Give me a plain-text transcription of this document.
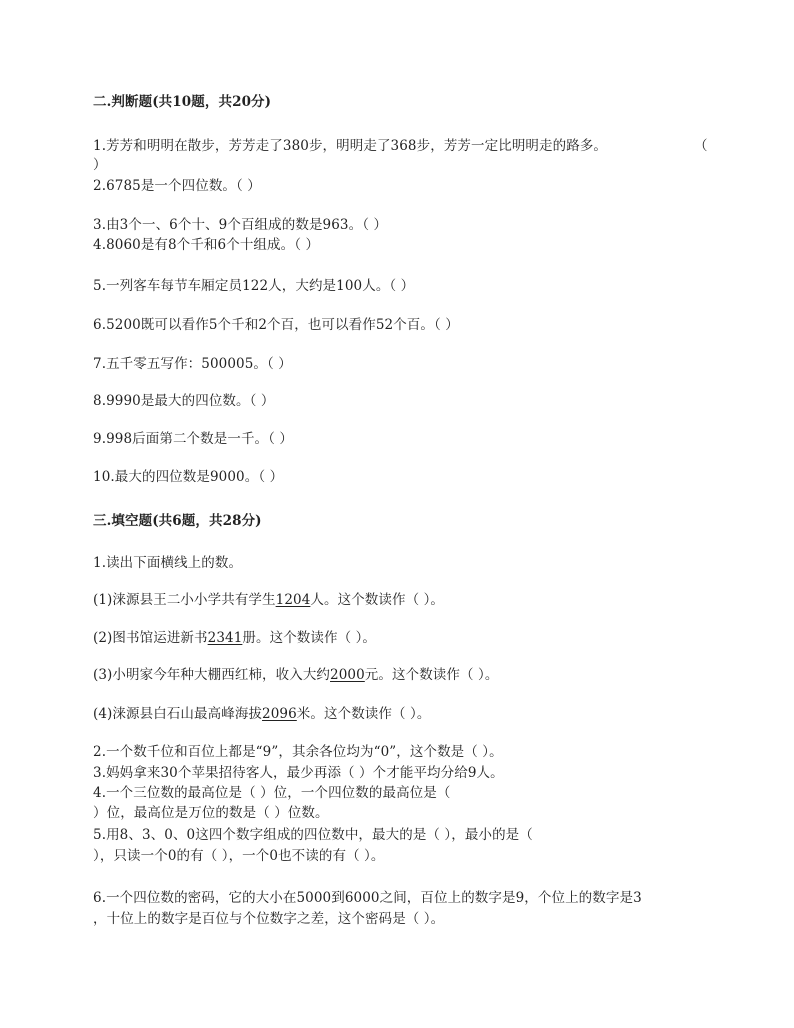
二.判断题(共10题，共20分)
1.芳芳和明明在散步，芳芳走了380步，明明走了368步，芳芳一定比明明走的路多。	（
）
2.6785是一个四位数。（ ）
3.由3个一、6个十、9个百组成的数是963。（ ）
4.8060是有8个千和6个十组成。（ ）
5.一列客车每节车厢定员122人，大约是100人。（ ）
6.5200既可以看作5个千和2个百，也可以看作52个百。（ ）
7.五千零五写作：500005。（ ）
8.9990是最大的四位数。（ ）
9.998后面第二个数是一千。（ ）
10.最大的四位数是9000。（ ）
三.填空题(共6题，共28分)
1.读出下面横线上的数。
(1)涞源县王二小小学共有学生1204人。这个数读作（ ）。
(2)图书馆运进新书2341册。这个数读作（ ）。
(3)小明家今年种大棚西红柿，收入大约2000元。这个数读作（ ）。
(4)涞源县白石山最高峰海拔2096米。这个数读作（ ）。
2.一个数千位和百位上都是“9”，其余各位均为“0”，这个数是（ ）。
3.妈妈拿来30个苹果招待客人，最少再添（ ）个才能平均分给9人。
4.一个三位数的最高位是（ ）位，一个四位数的最高位是（
）位，最高位是万位的数是（ ）位数。
5.用8、3、0、0这四个数字组成的四位数中，最大的是（ ），最小的是（
），只读一个0的有（ ），一个0也不读的有（ ）。
6.一个四位数的密码，它的大小在5000到6000之间，百位上的数字是9，个位上的数字是3
，十位上的数字是百位与个位数字之差，这个密码是（ ）。
